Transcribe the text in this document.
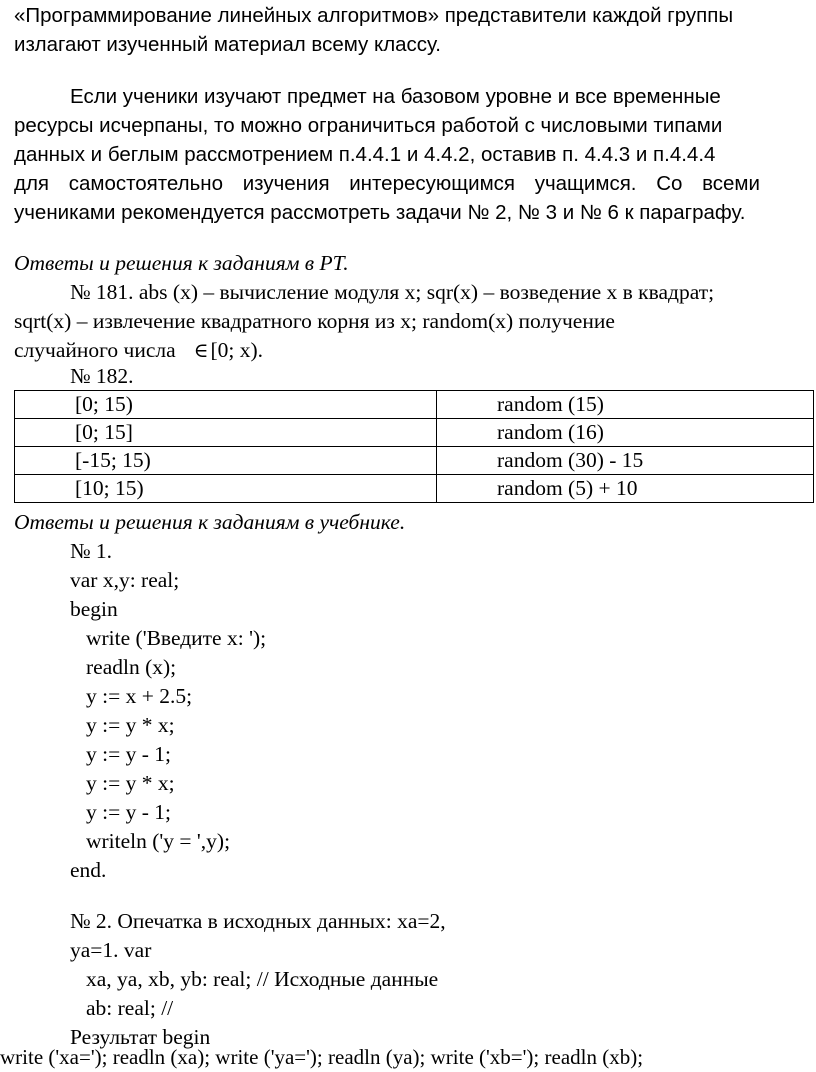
«Программирование линейных алгоритмов» представители каждой группы
излагают изученный материал всему классу.
Если ученики изучают предмет на базовом уровне и все временные
ресурсы исчерпаны, то можно ограничиться работой с числовыми типами
данных и беглым рассмотрением п.4.4.1 и 4.4.2, оставив п. 4.4.3 и п.4.4.4
для самостоятельно изучения интересующимся учащимся. Со всеми
учениками рекомендуется рассмотреть задачи № 2, № 3 и № 6 к параграфу.
Ответы и решения к заданиям в РТ.
№ 181. abs (x) – вычисление модуля x; sqr(x) – возведение x в квадрат;
sqrt(x) – извлечение квадратного корня из x; random(x) получение
случайного числа ∈[0; x).
№ 182.
[0; 15)	random (15)
[0; 15]	random (16)
[-15; 15)	random (30) - 15
[10; 15)	random (5) + 10
Ответы и решения к заданиям в учебнике.
№ 1.
var x,y: real;
begin
write ('Введите x: ');
readln (x);
y := x + 2.5;
y := y * x;
y := y - 1;
y := y * x;
y := y - 1;
writeln ('y = ',y);
end.
№ 2. Опечатка в исходных данных: xa=2,
ya=1. var
xa, ya, xb, yb: real; // Исходные данные
ab: real; //
Результат begin
write ('xa='); readln (xa); write ('ya='); readln (ya); write ('xb='); readln (xb);
